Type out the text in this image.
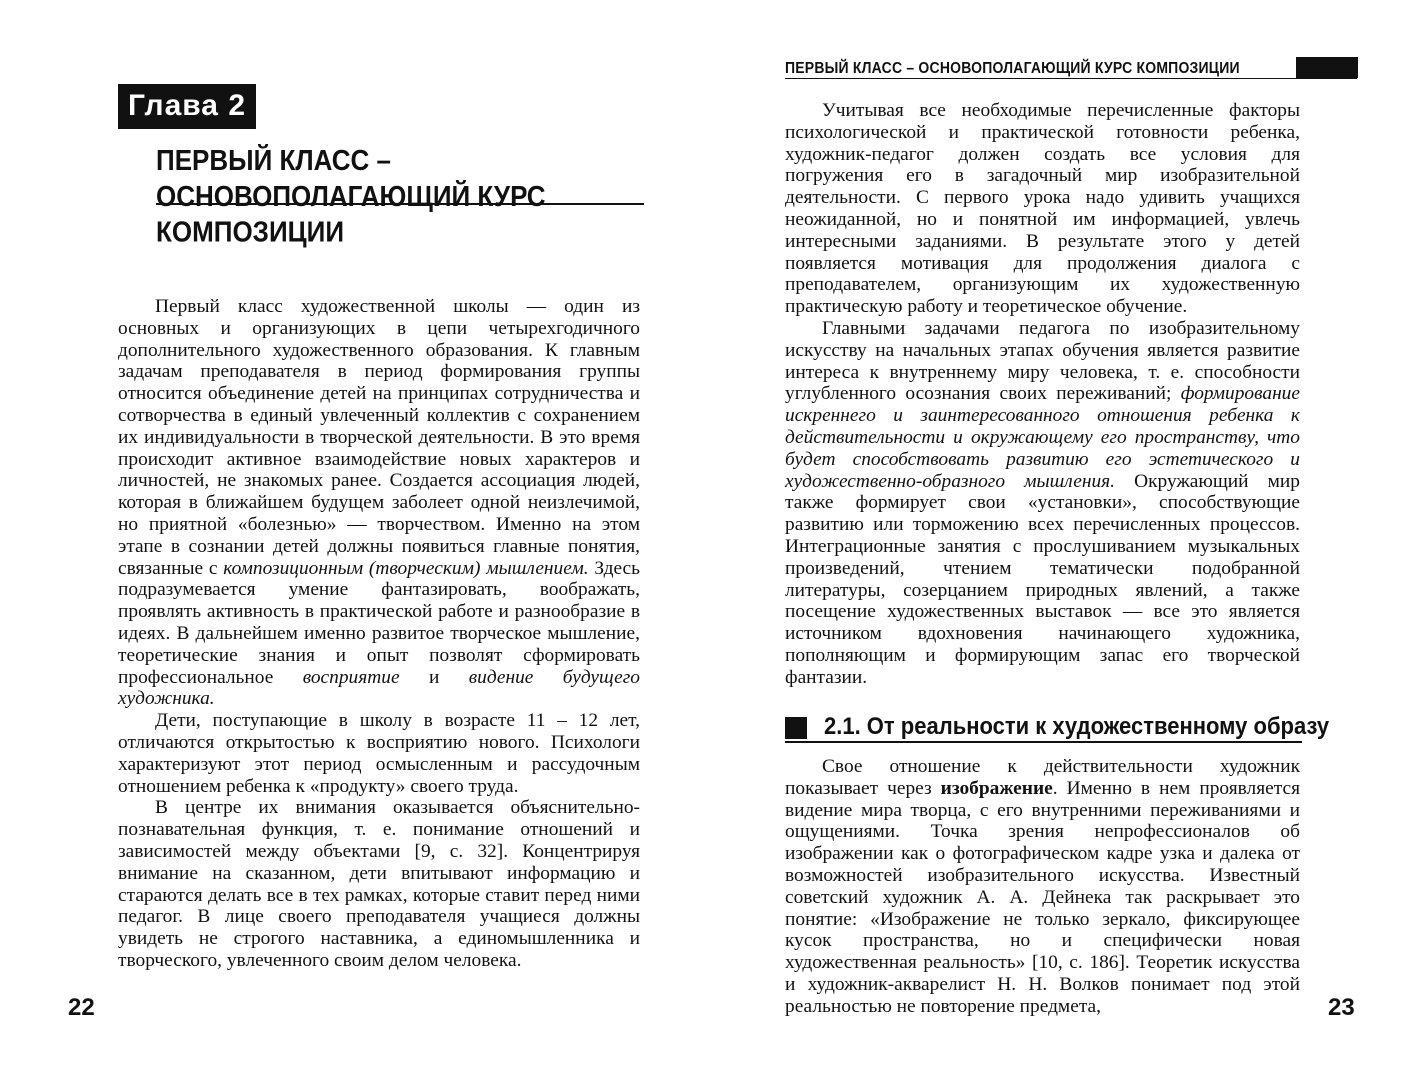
Глава 2
ПЕРВЫЙ КЛАСС – ОСНОВОПОЛАГАЮЩИЙ КУРС КОМПОЗИЦИИ

Первый класс художественной школы — один из основных и организующих в цепи четырехгодичного дополнительного художественного образования. К главным задачам преподавателя в период формирования группы относится объединение детей на принципах сотрудничества и сотворчества в единый увлеченный коллектив с сохранением их индивидуальности в творческой деятельности. В это время происходит активное взаимодействие новых характеров и личностей, не знакомых ранее. Создается ассоциация людей, которая в ближайшем будущем заболеет одной неизлечимой, но приятной «болезнью» — творчеством. Именно на этом этапе в сознании детей должны появиться главные понятия, связанные с композиционным (творческим) мышлением. Здесь подразумевается умение фантазировать, воображать, проявлять активность в практической работе и разнообразие в идеях. В дальнейшем именно развитое творческое мышление, теоретические знания и опыт позволят сформировать профессиональное восприятие и видение будущего художника.

Дети, поступающие в школу в возрасте 11 – 12 лет, отличаются открытостью к восприятию нового. Психологи характеризуют этот период осмысленным и рассудочным отношением ребенка к «продукту» своего труда.

В центре их внимания оказывается объяснительно-познавательная функция, т. е. понимание отношений и зависимостей между объектами [9, с. 32]. Концентрируя внимание на сказанном, дети впитывают информацию и стараются делать все в тех рамках, которые ставит перед ними педагог. В лице своего преподавателя учащиеся должны увидеть не строгого наставника, а единомышленника и творческого, увлеченного своим делом человека.

22
ПЕРВЫЙ КЛАСС – ОСНОВОПОЛАГАЮЩИЙ КУРС КОМПОЗИЦИИ

Учитывая все необходимые перечисленные факторы психологической и практической готовности ребенка, художник-педагог должен создать все условия для погружения его в загадочный мир изобразительной деятельности. С первого урока надо удивить учащихся неожиданной, но и понятной им информацией, увлечь интересными заданиями. В результате этого у детей появляется мотивация для продолжения диалога с преподавателем, организующим их художественную практическую работу и теоретическое обучение.

Главными задачами педагога по изобразительному искусству на начальных этапах обучения является развитие интереса к внутреннему миру человека, т. е. способности углубленного осознания своих переживаний; формирование искреннего и заинтересованного отношения ребенка к действительности и окружающему его пространству, что будет способствовать развитию его эстетического и художественно-образного мышления. Окружающий мир также формирует свои «установки», способствующие развитию или торможению всех перечисленных процессов. Интеграционные занятия с прослушиванием музыкальных произведений, чтением тематически подобранной литературы, созерцанием природных явлений, а также посещение художественных выставок — все это является источником вдохновения начинающего художника, пополняющим и формирующим запас его творческой фантазии.

2.1. От реальности к художественному образу

Свое отношение к действительности художник показывает через изображение. Именно в нем проявляется видение мира творца, с его внутренними переживаниями и ощущениями. Точка зрения непрофессионалов об изображении как о фотографическом кадре узка и далека от возможностей изобразительного искусства. Известный советский художник А. А. Дейнека так раскрывает это понятие: «Изображение не только зеркало, фиксирующее кусок пространства, но и специфически новая художественная реальность» [10, с. 186]. Теоретик искусства и художник-акварелист Н. Н. Волков понимает под этой реальностью не повторение предмета,	23
